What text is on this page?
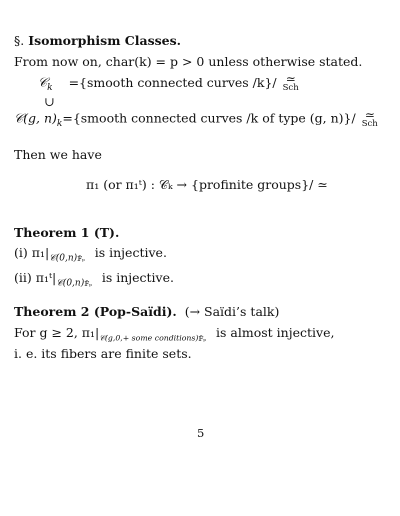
§. Isomorphism Classes.
From now on, char(k) = p > 0 unless otherwise stated.
𝒞$_k$ ={smooth connected curves /k}/ ≃
Sch
∪
𝒞(g, $n)_k=\{smooth$ connected curves /k of type (g, n)}/ ≃
Sch
Then we have
π₁ (or π₁ᵗ) : 𝒞ₖ → {profinite groups}/ ≃
Theorem 1 (T).
(i) $\pi_1|_{𝒞(0,n)𝔽̄_p}$ is injective.
(ii) $\pi_1ᵗ|_{𝒞(0,n)𝔽̄_p}$ is injective.
Theorem 2 (Pop-Saïdi). (→ Saïdi’s talk)
For g ≥ 2, $\pi_1|_{𝒞(g,0,+ some conditions)𝔽̄_p}$ is almost injective,
i. e. its fibers are finite sets.
5
